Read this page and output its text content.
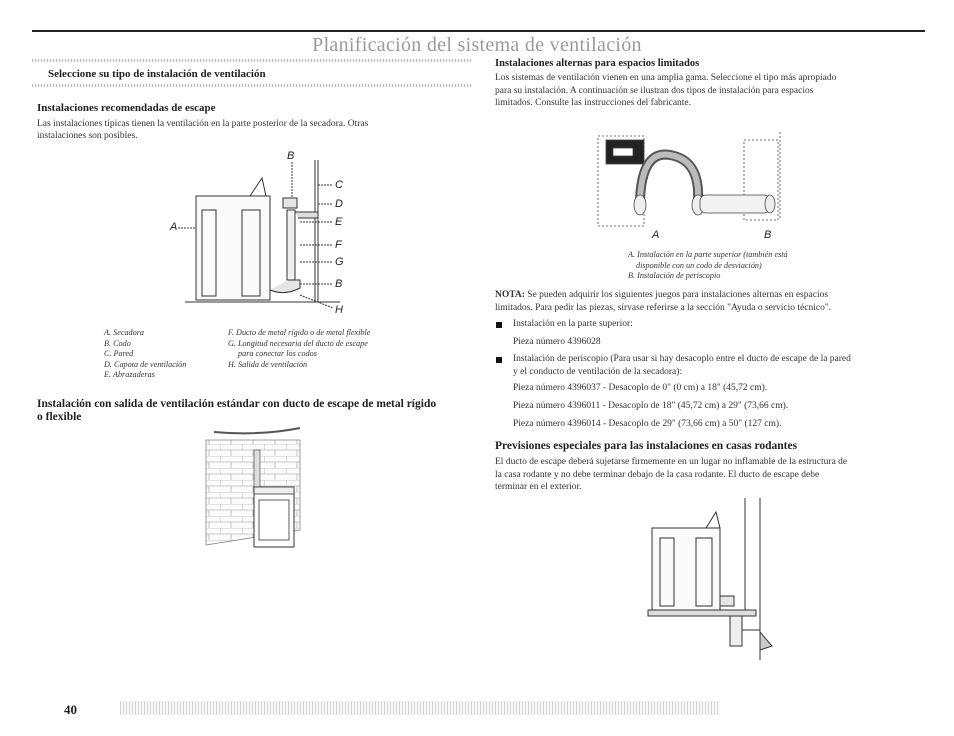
Planificación del sistema de ventilación
Seleccione su tipo de instalación de ventilación
Instalaciones recomendadas de escape
Las instalaciones típicas tienen la ventilación en la parte posterior de la secadora. Otras
instalaciones son posibles.
A
B
C
D
E
F
G
B
H
A. Secadora
B. Codo
C. Pared
D. Capota de ventilación
E. Abrazaderas
F. Ducto de metal rígido o de metal flexible
G. Longitud necesaria del ducto de escape
para conectar los codos
H. Salida de ventilación
Instalación con salida de ventilación estándar con ducto de escape de metal rígido
o flexible
40
Instalaciones alternas para espacios limitados
Los sistemas de ventilación vienen en una amplia gama. Seleccione el tipo más apropiado
para su instalación. A continuación se ilustran dos tipos de instalación para espacios
limitados. Consulte las instrucciones del fabricante.
A	B
A. Instalación en la parte superior (también está
disponible con un codo de desviación)
B. Instalación de periscopio
NOTA: Se pueden adquirir los siguientes juegos para instalaciones alternas en espacios
limitados. Para pedir las piezas, sírvase referirse a la sección "Ayuda o servicio técnico".
Instalación en la parte superior:
Pieza número 4396028
Instalación de periscopio (Para usar si hay desacoplo entre el ducto de escape de la pared
y el conducto de ventilación de la secadora):
Pieza número 4396037 - Desacoplo de 0" (0 cm) a 18" (45,72 cm).
Pieza número 4396011 - Desacoplo de 18" (45,72 cm) a 29" (73,66 cm).
Pieza número 4396014 - Desacoplo de 29" (73,66 cm) a 50" (127 cm).
Previsiones especiales para las instalaciones en casas rodantes
El ducto de escape deberá sujetarse firmemente en un lugar no inflamable de la estructura de
la casa rodante y no debe terminar debajo de la casa rodante. El ducto de escape debe
terminar en el exterior.
